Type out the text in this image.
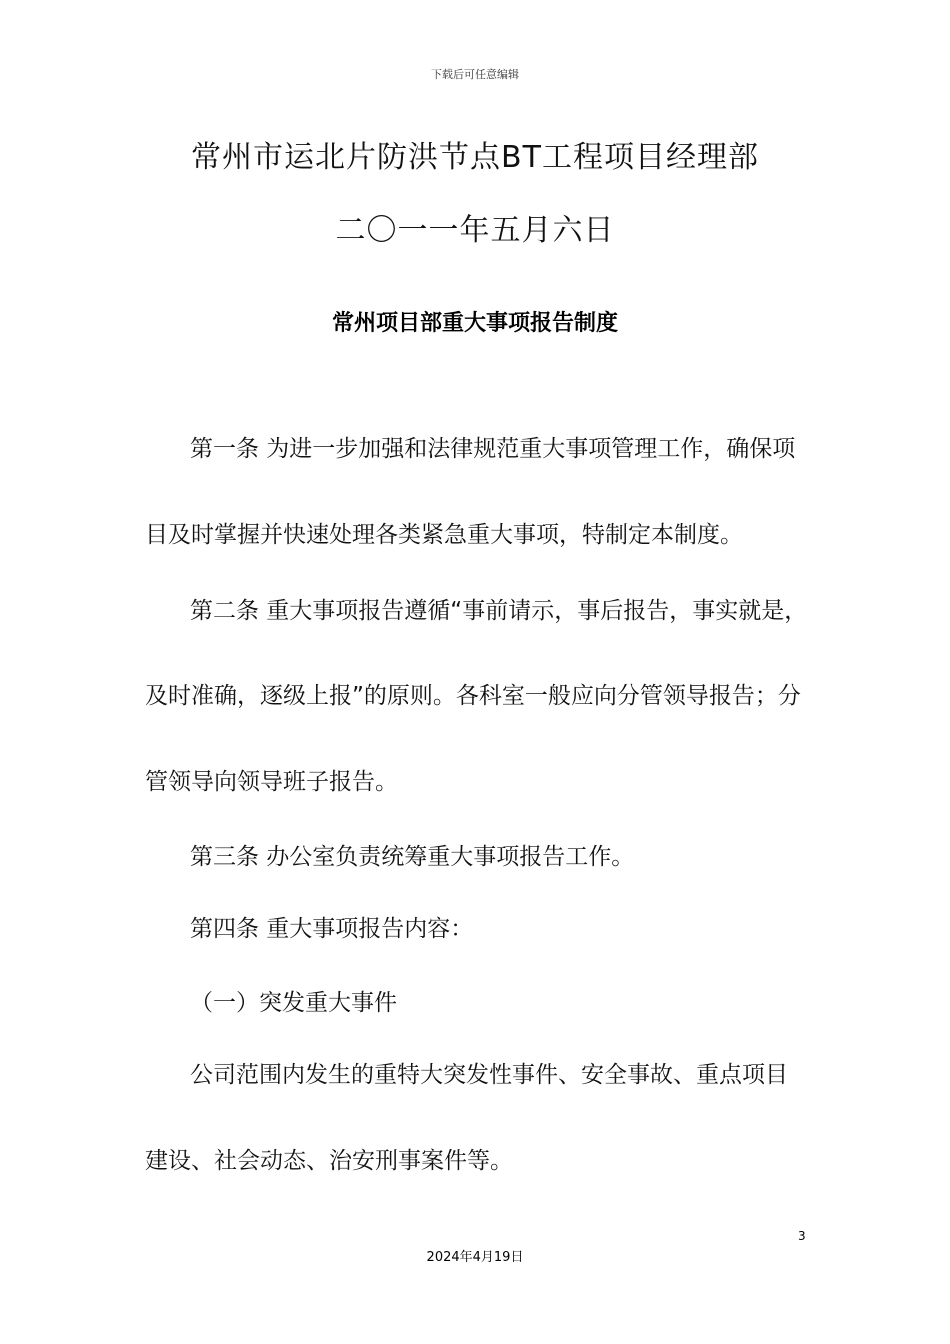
下载后可任意编辑
常州市运北片防洪节点BT工程项目经理部
二〇一一年五月六日
常州项目部重大事项报告制度
第一条 为进一步加强和法律规范重大事项管理工作，确保项
目及时掌握并快速处理各类紧急重大事项，特制定本制度。
第二条 重大事项报告遵循“事前请示，事后报告，事实就是，
及时准确，逐级上报”的原则。各科室一般应向分管领导报告；分
管领导向领导班子报告。
第三条 办公室负责统筹重大事项报告工作。
第四条 重大事项报告内容：
（一）突发重大事件
公司范围内发生的重特大突发性事件、安全事故、重点项目
建设、社会动态、治安刑事案件等。
3
2024年4月19日
